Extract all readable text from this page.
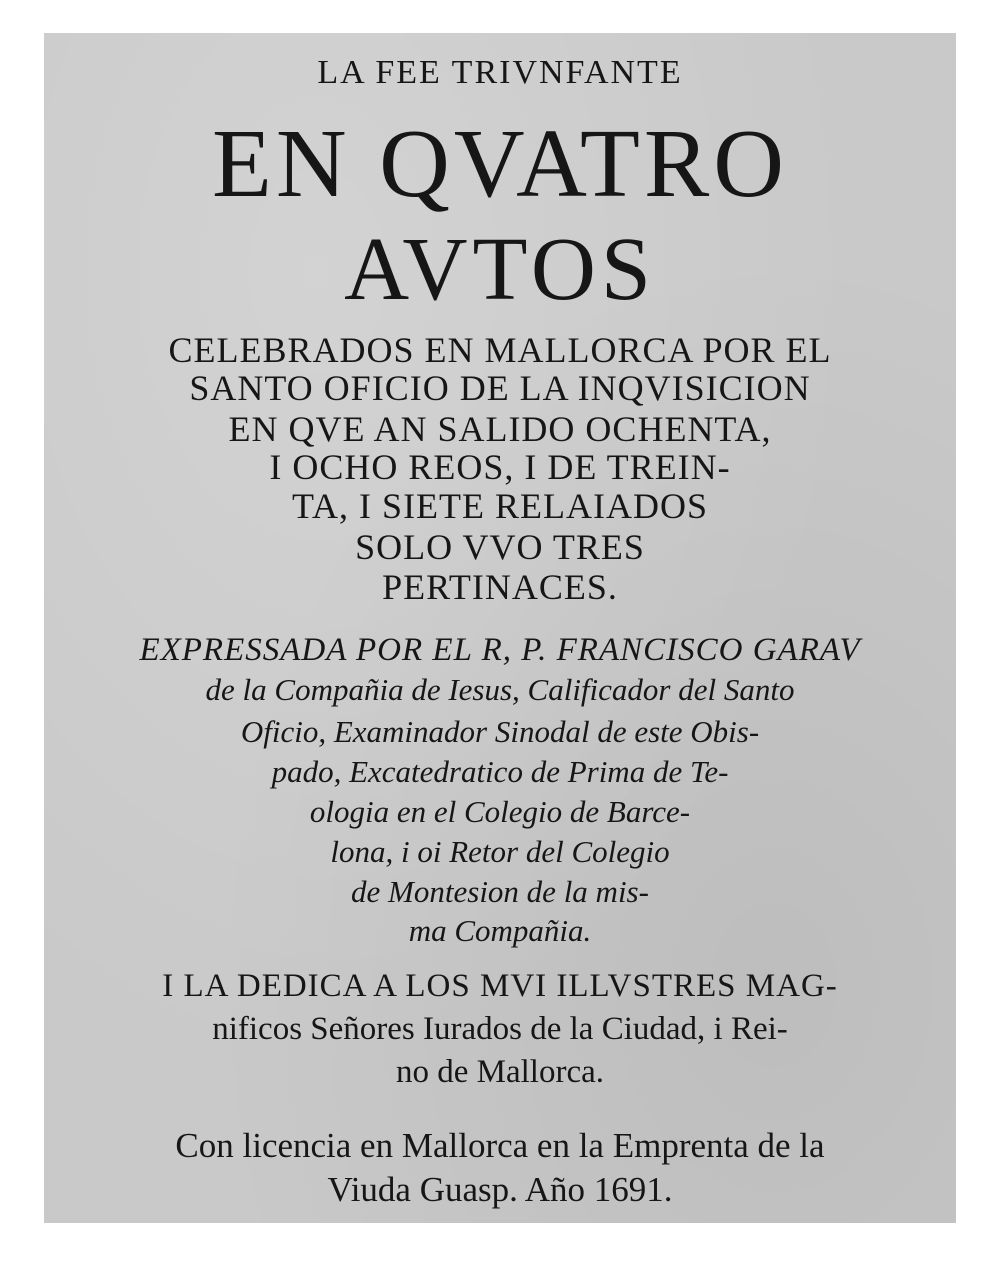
LA FEE TRIVNFANTE
EN QVATRO
AVTOS
CELEBRADOS EN MALLORCA POR EL
SANTO OFICIO DE LA INQVISICION
EN QVE AN SALIDO OCHENTA,
I OCHO REOS, I DE TREIN-
TA, I SIETE RELAIADOS
SOLO VVO TRES
PERTINACES.
EXPRESSADA POR EL R, P. FRANCISCO GARAV
de la Compañia de Iesus, Calificador del Santo
Oficio, Examinador Sinodal de este Obis-
pado, Excatedratico de Prima de Te-
ologia en el Colegio de Barce-
lona, i oi Retor del Colegio
de Montesion de la mis-
ma Compañia.
I LA DEDICA A LOS MVI ILLVSTRES MAG-
nificos Señores Iurados de la Ciudad, i Rei-
no de Mallorca.
Con licencia en Mallorca en la Emprenta de la
Viuda Guasp. Año 1691.
